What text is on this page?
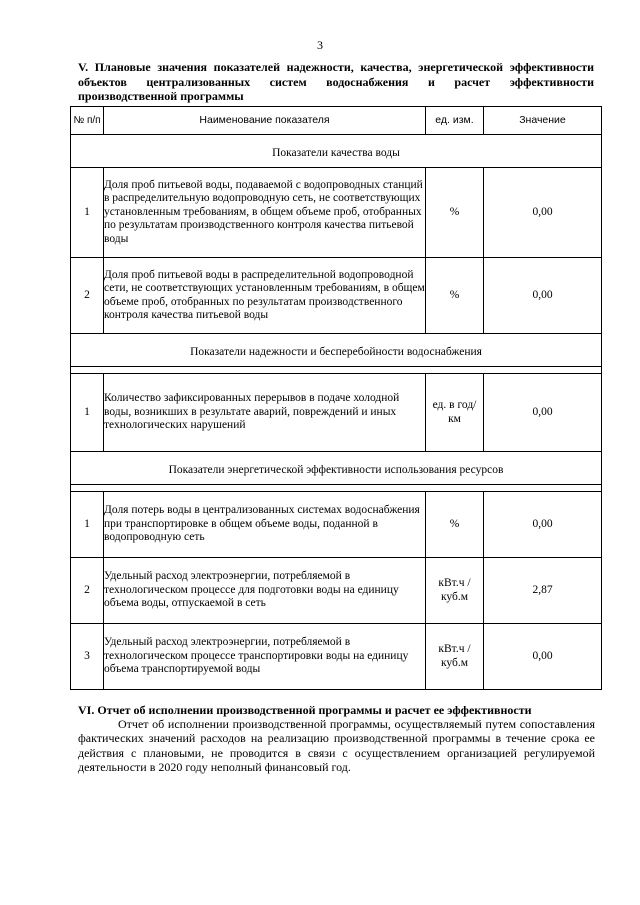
3
V. Плановые значения показателей надежности, качества, энергетической эффективности объектов централизованных систем водоснабжения и расчет эффективности производственной программы
№ п/п	Наименование показателя	ед. изм.	Значение

Показатели качества воды			
1	Доля проб питьевой воды, подаваемой с водопроводных станций в распределительную водопроводную сеть, не соответствующих установленным требованиям, в общем объеме проб, отобранных по результатам производственного контроля качества питьевой воды	%	0,00
2	Доля проб питьевой воды в распределительной водопроводной сети, не соответствующих установленным требованиям, в общем объеме проб, отобранных по результатам производственного контроля качества питьевой воды	%	0,00

Показатели надежности и бесперебойности водоснабжения			

1	Количество зафиксированных перерывов в подаче холодной воды, возникших в результате аварий, повреждений и иных технологических нарушений	ед. в год/ км	0,00

Показатели энергетической эффективности использования ресурсов			

1	Доля потерь воды в централизованных системах водоснабжения при транспортировке в общем объеме воды, поданной в водопроводную сеть	%	0,00
2	Удельный расход электроэнергии, потребляемой в технологическом процессе для подготовки воды на единицу объема воды, отпускаемой в сеть	кВт.ч / куб.м	2,87
3	Удельный расход электроэнергии, потребляемой в технологическом процессе транспортировки воды на единицу объема транспортируемой воды	кВт.ч / куб.м	0,00
VI. Отчет об исполнении производственной программы и расчет ее эффективности
Отчет об исполнении производственной программы, осуществляемый путем сопоставления фактических значений расходов на реализацию производственной программы в течение срока ее действия с плановыми, не проводится в связи с осуществлением организацией регулируемой деятельности в 2020 году неполный финансовый год.
